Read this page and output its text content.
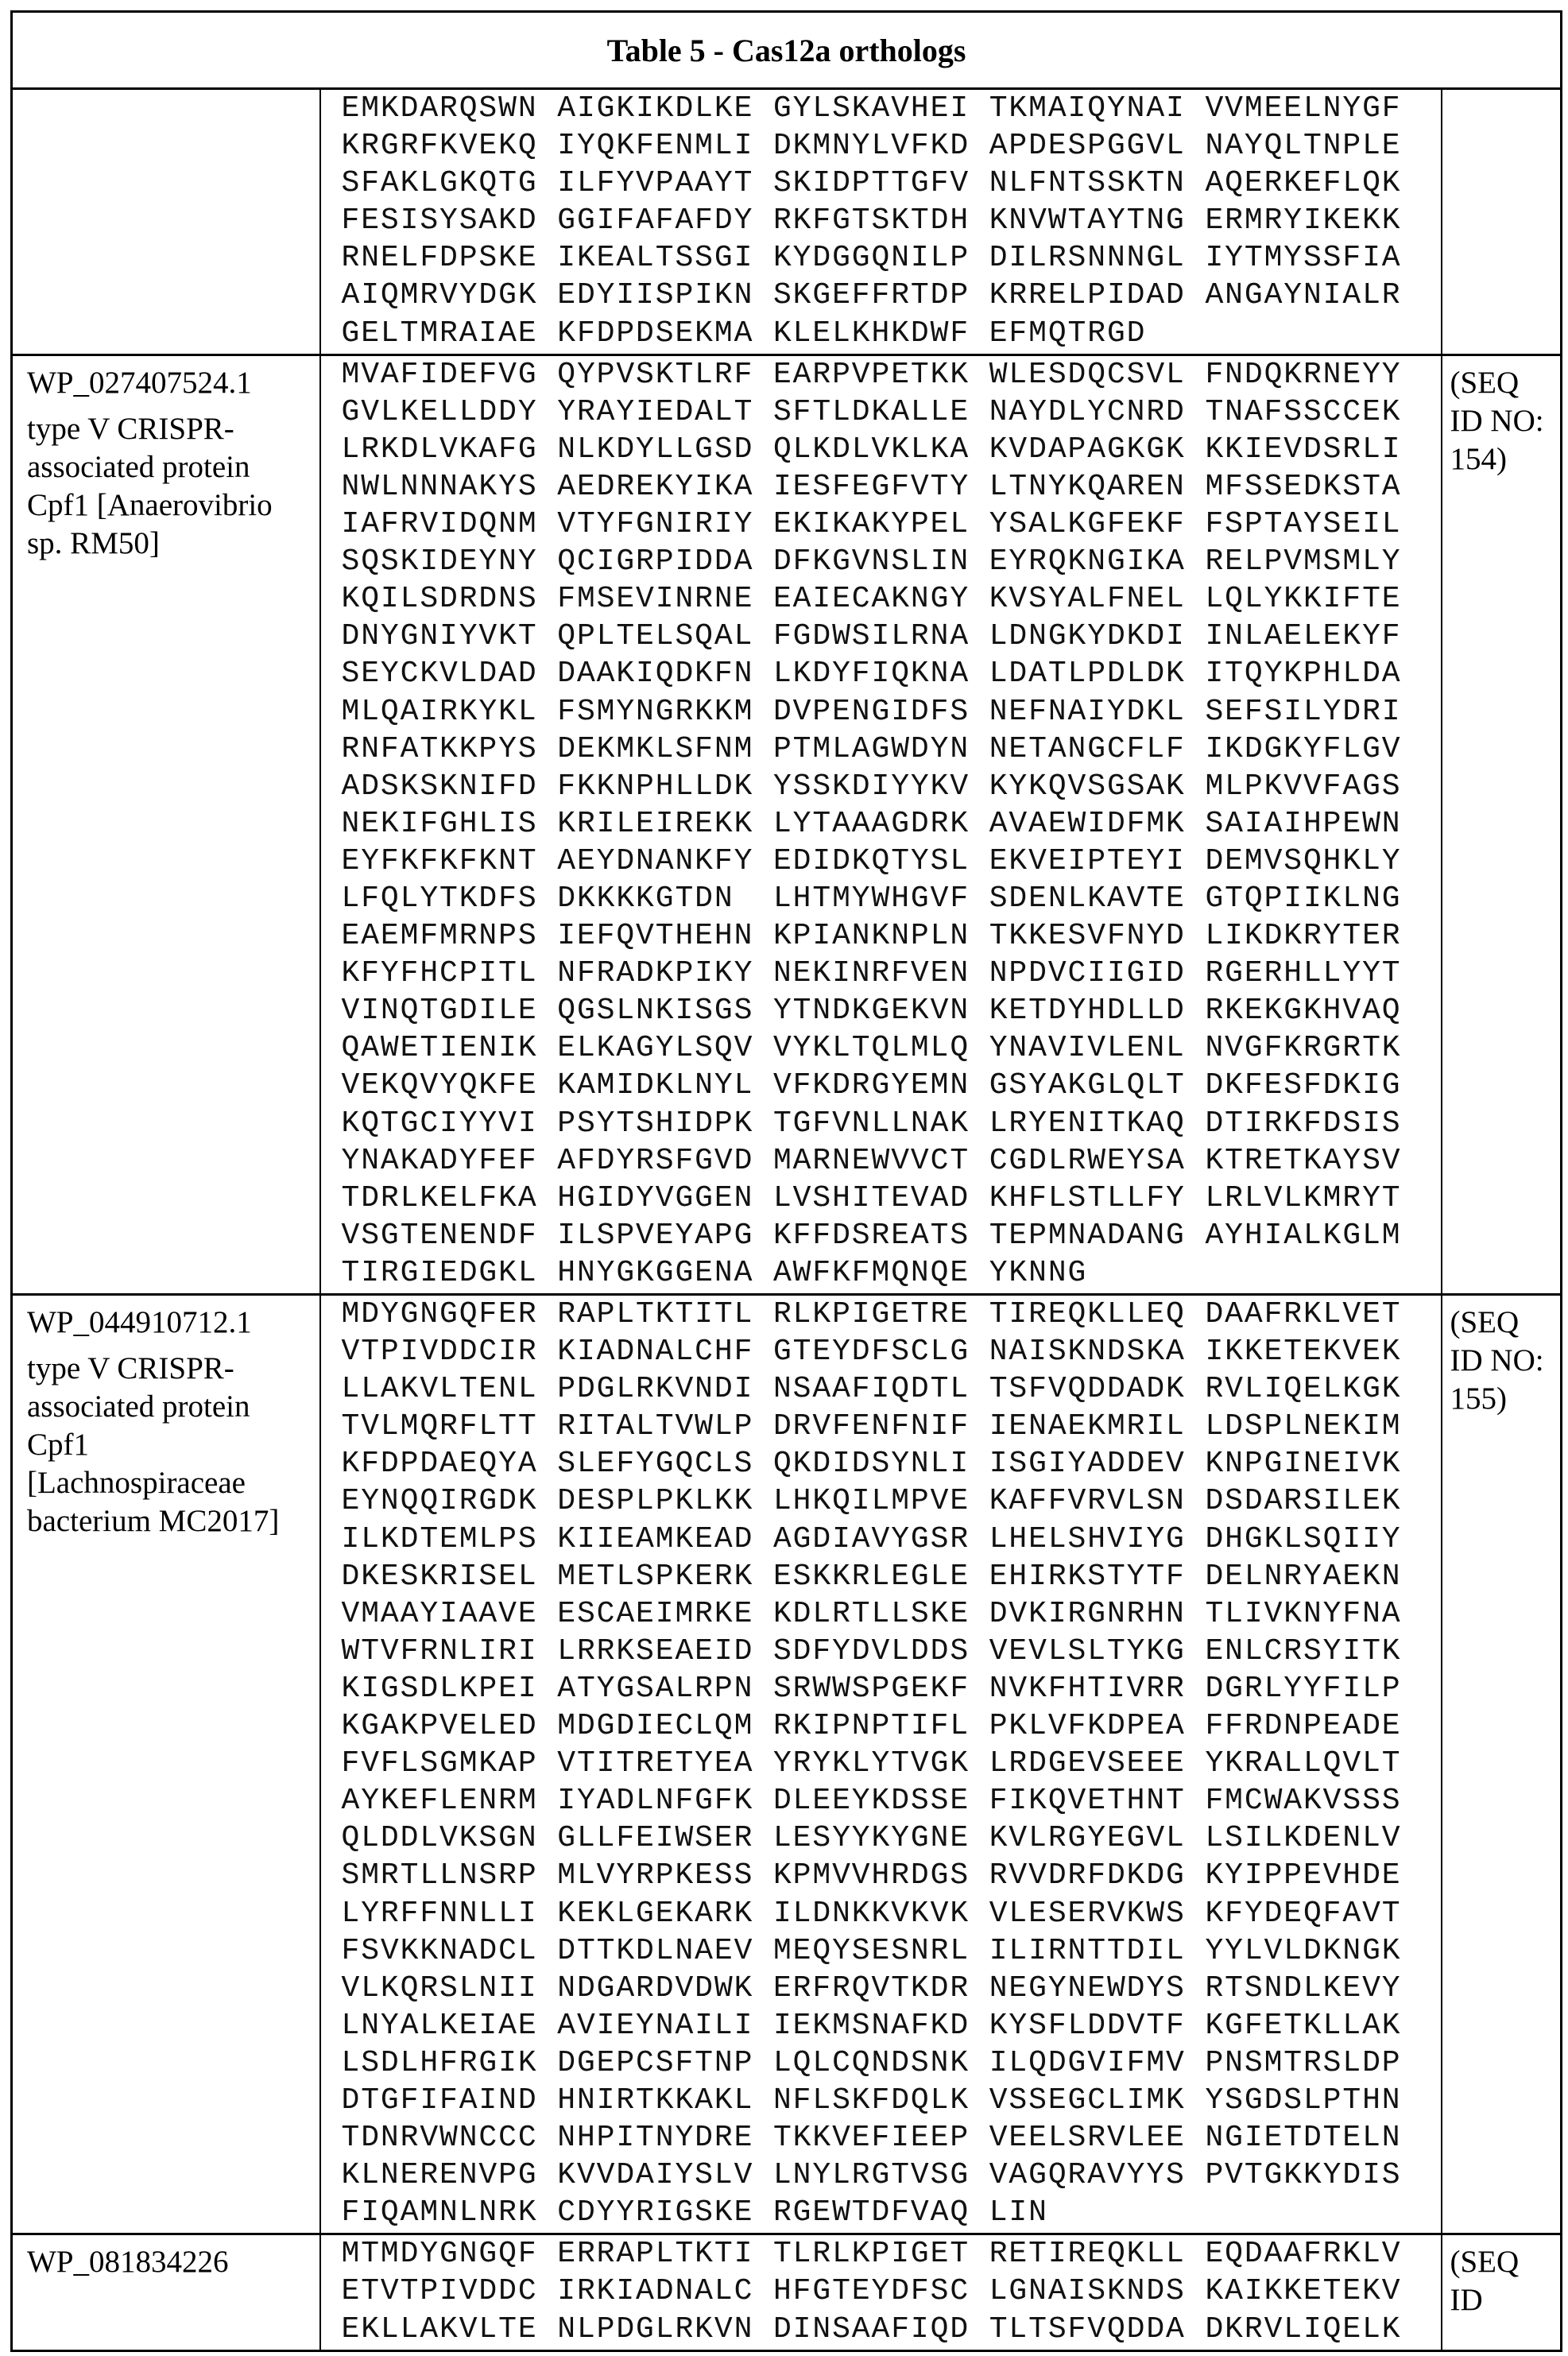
Table 5 - Cas12a orthologs

EMKDARQSWN AIGKIKDLKE GYLSKAVHEI TKMAIQYNAI VVMEELNYGF
KRGRFKVEKQ IYQKFENMLI DKMNYLVFKD APDESPGGVL NAYQLTNPLE
SFAKLGKQTG ILFYVPAAYT SKIDPTTGFV NLFNTSSKTN AQERKEFLQK
FESISYSAKD GGIFAFAFDY RKFGTSKTDH KNVWTAYTNG ERMRYIKEKK
RNELFDPSKE IKEALTSSGI KYDGGQNILP DILRSNNNGL IYTMYSSFIA
AIQMRVYDGK EDYIISPIKN SKGEFFRTDP KRRELPIDAD ANGAYNIALR
GELTMRAIAE KFDPDSEKMA KLELKHKDWF EFMQTRGD

WP_027407524.1
type V CRISPR-associated protein Cpf1 [Anaerovibrio sp. RM50]

MVAFIDEFVG QYPVSKTLRF EARPVPETKK WLESDQCSVL FNDQKRNEYY
GVLKELLDDY YRAYIEDALT SFTLDKALLE NAYDLYCNRD TNAFSSCCEK
LRKDLVKAFG NLKDYLLGSD QLKDLVKLKA KVDAPAGKGK KKIEVDSRLI
NWLNNNAKYS AEDREKYIKA IESFEGFVTY LTNYKQAREN MFSSEDKSTA
IAFRVIDQNM VTYFGNIRIY EKIKAKYPEL YSALKGFEKF FSPTAYSEIL
SQSKIDEYNY QCIGRPIDDA DFKGVNSLIN EYRQKNGIKA RELPVMSMLY
KQILSDRDNS FMSEVINRNE EAIECAKNGY KVSYALFNEL LQLYKKIFTE
DNYGNIYVKT QPLTELSQAL FGDWSILRNA LDNGKYDKDI INLAELEKYF
SEYCKVLDAD DAAKIQDKFN LKDYFIQKNA LDATLPDLDK ITQYKPHLDA
MLQAIRKYKL FSMYNGRKKM DVPENGIDFS NEFNAIYDKL SEFSILYDRI
RNFATKKPYS DEKMKLSFNM PTMLAGWDYN NETANGCFLF IKDGKYFLGV
ADSKSKNIFD FKKNPHLLDK YSSKDIYYKV KYKQVSGSAK MLPKVVFAGS
NEKIFGHLIS KRILEIREKK LYTAAAGDRK AVAEWIDFMK SAIAIHPEWN
EYFKFKFKNT AEYDNANKFY EDIDKQTYSL EKVEIPTEYI DEMVSQHKLY
LFQLYTKDFS DKKKKGTDN  LHTMYWHGVF SDENLKAVTE GTQPIIKLNG
EAEMFMRNPS IEFQVTHEHN KPIANKNPLN TKKESVFNYD LIKDKRYTER
KFYFHCPITL NFRADKPIKY NEKINRFVEN NPDVCIIGID RGERHLLYYT
VINQTGDILE QGSLNKISGS YTNDKGEKVN KETDYHDLLD RKEKGKHVAQ
QAWETIENIK ELKAGYLSQV VYKLTQLMLQ YNAVIVLENL NVGFKRGRTK
VEKQVYQKFE KAMIDKLNYL VFKDRGYEMN GSYAKGLQLT DKFESFDKIG
KQTGCIYYVI PSYTSHIDPK TGFVNLLNAK LRYENITKAQ DTIRKFDSIS
YNAKADYFEF AFDYRSFGVD MARNEWVVCT CGDLRWEYSA KTRETKAYSV
TDRLKELFKA HGIDYVGGEN LVSHITEVAD KHFLSTLLFY LRLVLKMRYT
VSGTENENDF ILSPVEYAPG KFFDSREATS TEPMNADANG AYHIALKGLM
TIRGIEDGKL HNYGKGGENA AWFKFMQNQE YKNNG

(SEQ ID NO: 154)

WP_044910712.1
type V CRISPR-associated protein Cpf1 [Lachnospiraceae bacterium MC2017]

MDYGNGQFER RAPLTKTITL RLKPIGETRE TIREQKLLEQ DAAFRKLVET
VTPIVDDCIR KIADNALCHF GTEYDFSCLG NAISKNDSKA IKKETEKVEK
LLAKVLTENL PDGLRKVNDI NSAAFIQDTL TSFVQDDADK RVLIQELKGK
TVLMQRFLTT RITALTVWLP DRVFENFNIF IENAEKMRIL LDSPLNEKIM
KFDPDAEQYA SLEFYGQCLS QKDIDSYNLI ISGIYADDEV KNPGINEIVK
EYNQQIRGDK DESPLPKLKK LHKQILMPVE KAFFVRVLSN DSDARSILEK
ILKDTEMLPS KIIEAMKEAD AGDIAVYGSR LHELSHVIYG DHGKLSQIIY
DKESKRISEL METLSPKERK ESKKRLEGLE EHIRKSTYTF DELNRYAEKN
VMAAYIAAVE ESCAEIMRKE KDLRTLLSKE DVKIRGNRHN TLIVKNYFNA
WTVFRNLIRI LRRKSEAEID SDFYDVLDDS VEVLSLTYKG ENLCRSYITK
KIGSDLKPEI ATYGSALRPN SRWWSPGEKF NVKFHTIVRR DGRLYYFILP
KGAKPVELED MDGDIECLQM RKIPNPTIFL PKLVFKDPEA FFRDNPEADE
FVFLSGMKAP VTITRETYEA YRYKLYTVGK LRDGEVSEEE YKRALLQVLT
AYKEFLENRM IYADLNFGFK DLEEYKDSSE FIKQVETHNT FMCWAKVSSS
QLDDLVKSGN GLLFEIWSER LESYYKYGNE KVLRGYEGVL LSILKDENLV
SMRTLLNSRP MLVYRPKESS KPMVVHRDGS RVVDRFDKDG KYIPPEVHDE
LYRFFNNLLI KEKLGEKARK ILDNKKVKVK VLESERVKWS KFYDEQFAVT
FSVKKNADCL DTTKDLNAEV MEQYSESNRL ILIRNTTDIL YYLVLDKNGK
VLKQRSLNII NDGARDVDWK ERFRQVTKDR NEGYNEWDYS RTSNDLKEVY
LNYALKEIAE AVIEYNAILI IEKMSNAFKD KYSFLDDVTF KGFETKLLAK
LSDLHFRGIK DGEPCSFTNP LQLCQNDSNK ILQDGVIFMV PNSMTRSLDP
DTGFIFAIND HNIRTKKAKL NFLSKFDQLK VSSEGCLIMK YSGDSLPTHN
TDNRVWNCCC NHPITNYDRE TKKVEFIEEP VEELSRVLEE NGIETDTELN
KLNERENVPG KVVDAIYSLV LNYLRGTVSG VAGQRAVYYS PVTGKKYDIS
FIQAMNLNRK CDYYRIGSKE RGEWTDFVAQ LIN

(SEQ ID NO: 155)

WP_081834226	MTMDYGNGQF ERRAPLTKTI TLRLKPIGET RETIREQKLL EQDAAFRKLV
ETVTPIVDDC IRKIADNALC HFGTEYDFSC LGNAISKNDS KAIKKETEKV
EKLLAKVLTE NLPDGLRKVN DINSAAFIQD TLTSFVQDDA DKRVLIQELK

(SEQ ID
